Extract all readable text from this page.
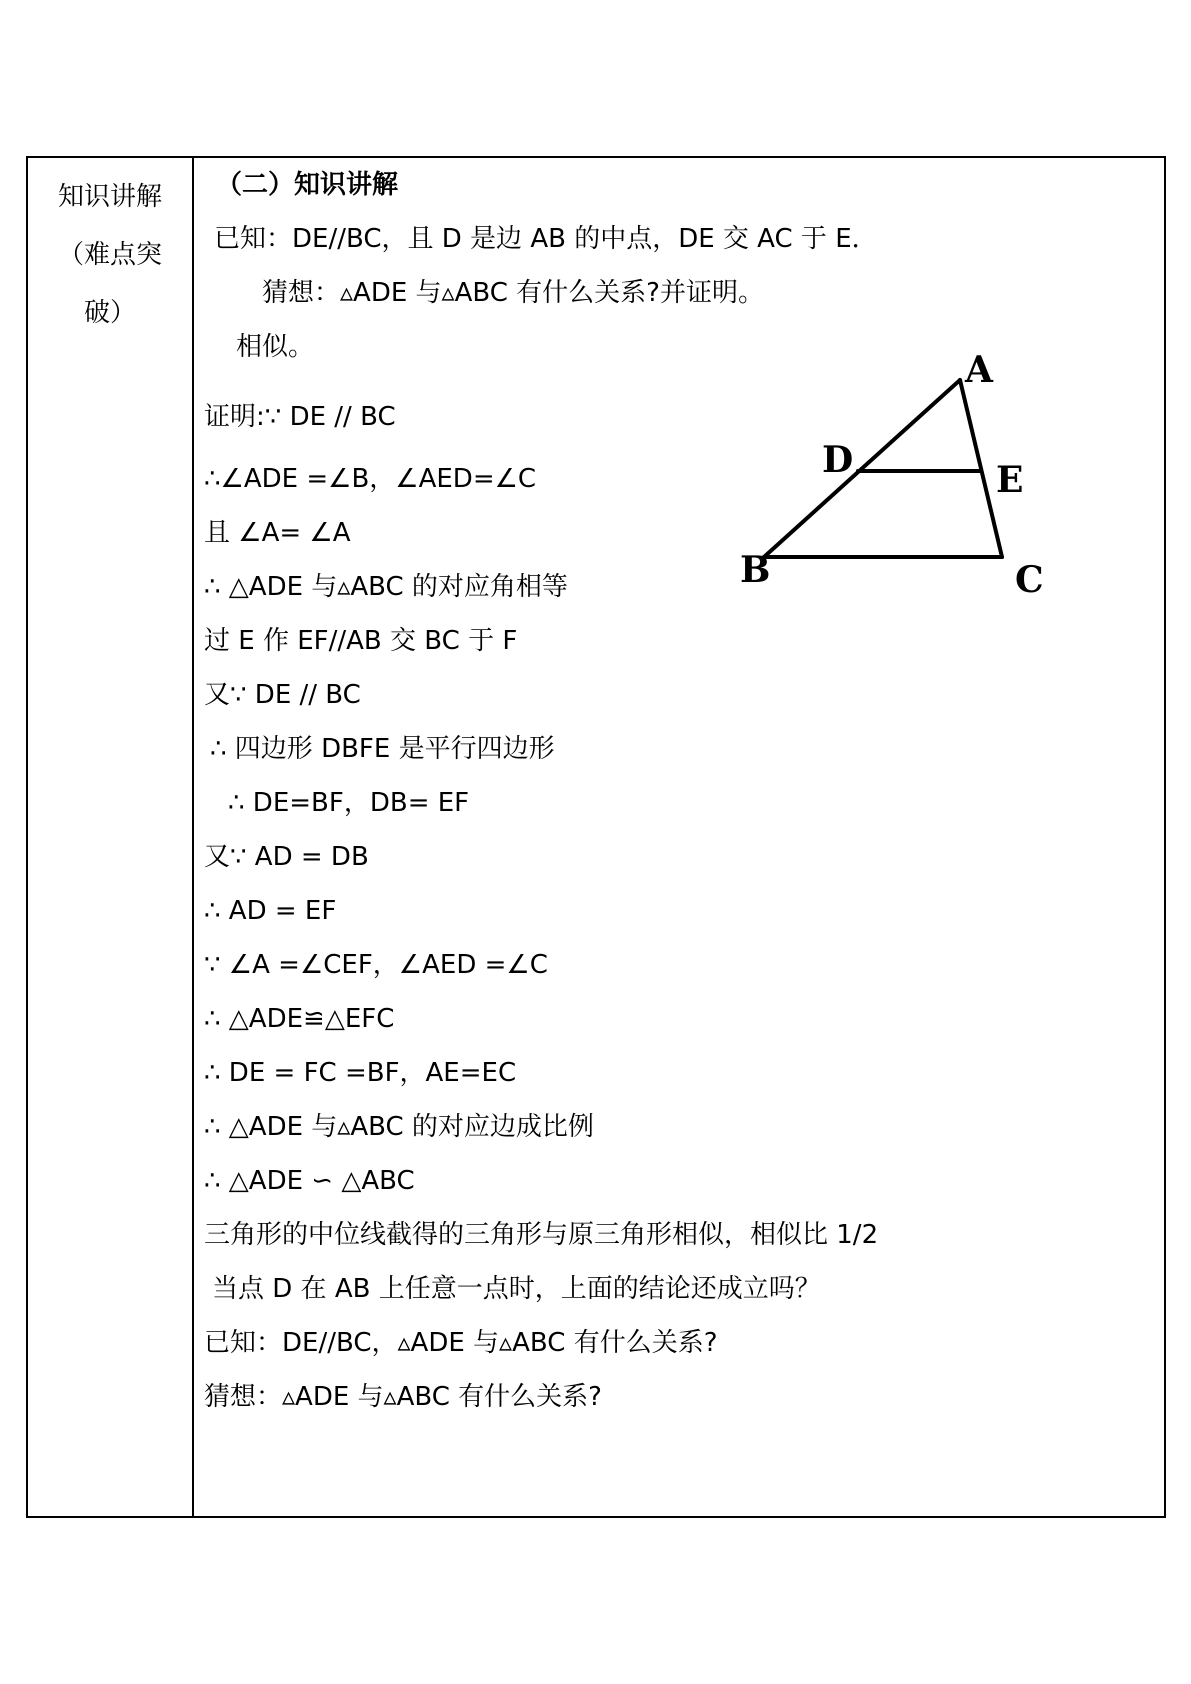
知识讲解
（难点突
破）
（二）知识讲解
已知：DE//BC，且 D 是边 AB 的中点，DE 交 AC 于 E．
猜想：▵ADE 与▵ABC 有什么关系?并证明。
相似。
证明:∵ DE // BC
∴∠ADE =∠B，∠AED=∠C
且 ∠A= ∠A
∴ △ADE 与▵ABC 的对应角相等
过 E 作 EF//AB 交 BC 于 F
又∵ DE // BC
∴ 四边形 DBFE 是平行四边形
∴ DE=BF，DB= EF
又∵ AD = DB
∴ AD = EF
∵ ∠A =∠CEF，∠AED =∠C
∴ △ADE≌△EFC
∴ DE = FC =BF，AE=EC
∴ △ADE 与▵ABC 的对应边成比例
∴ △ADE ∽ △ABC
三角形的中位线截得的三角形与原三角形相似，相似比 1/2
当点 D 在 AB 上任意一点时，上面的结论还成立吗？
已知：DE//BC，▵ADE 与▵ABC 有什么关系?
猜想：▵ADE 与▵ABC 有什么关系?
A
B	C
D	E
